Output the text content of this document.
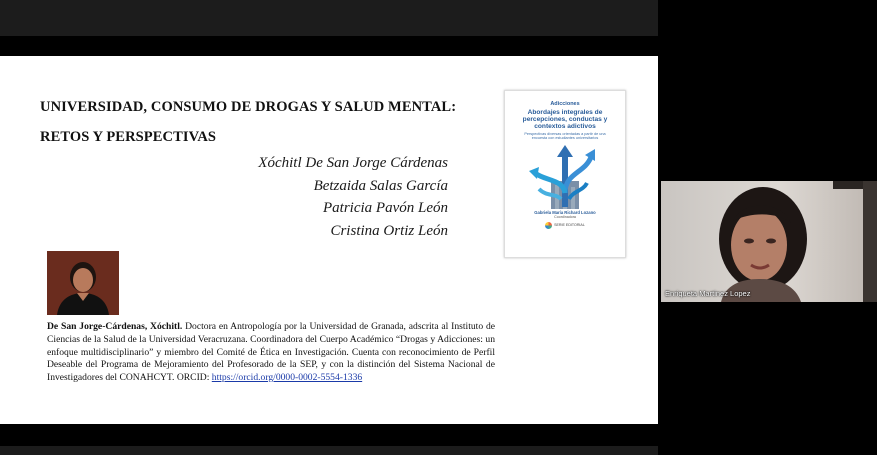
UNIVERSIDAD, CONSUMO DE DROGAS Y SALUD MENTAL: RETOS Y PERSPECTIVAS
Xóchitl De San Jorge Cárdenas
Betzaida Salas García
Patricia Pavón León
Cristina Ortiz León

De San Jorge-Cárdenas, Xóchitl. Doctora en Antropología por la Universidad de Granada, adscrita al Instituto de Ciencias de la Salud de la Universidad Veracruzana. Coordinadora del Cuerpo Académico “Drogas y Adicciones: un enfoque multidisciplinario” y miembro del Comité de Ética en Investigación. Cuenta con reconocimiento de Perfil Deseable del Programa de Mejoramiento del Profesorado de la SEP, y con la distinción del Sistema Nacional de Investigadores del CONAHCYT. ORCID: https://orcid.org/0000-0002-5554-1336

Adicciones
Abordajes integrales de percepciones, conductas y contextos adictivos
Perspectivas diversas orientadas a partir de una encuesta con estudiantes universitarios
Gabriela María Richard Lozano
Coordinadora
SERIE EDITORIAL
Enriqueta Martinez Lopez
